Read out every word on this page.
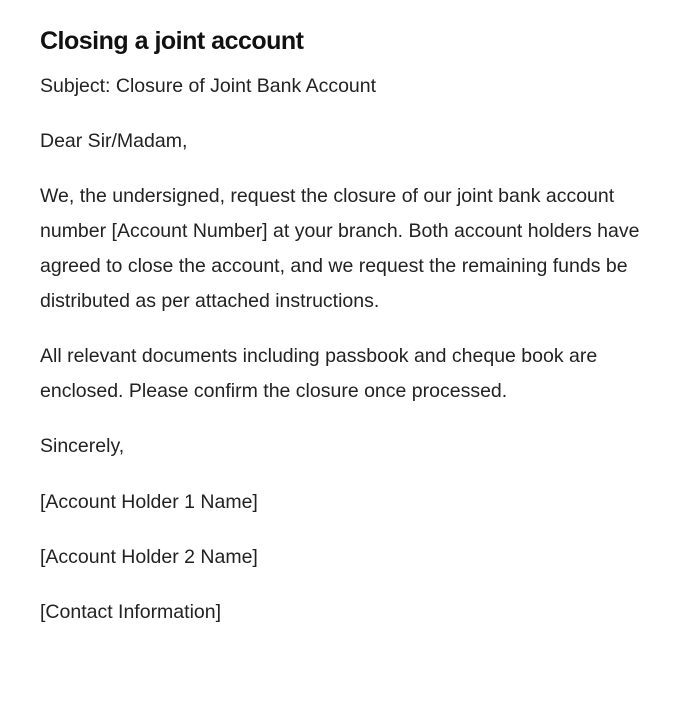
Closing a joint account

Subject: Closure of Joint Bank Account

Dear Sir/Madam,

We, the undersigned, request the closure of our joint bank account number [Account Number] at your branch. Both account holders have agreed to close the account, and we request the remaining funds be distributed as per attached instructions.

All relevant documents including passbook and cheque book are enclosed. Please confirm the closure once processed.

Sincerely,

[Account Holder 1 Name]

[Account Holder 2 Name]

[Contact Information]
